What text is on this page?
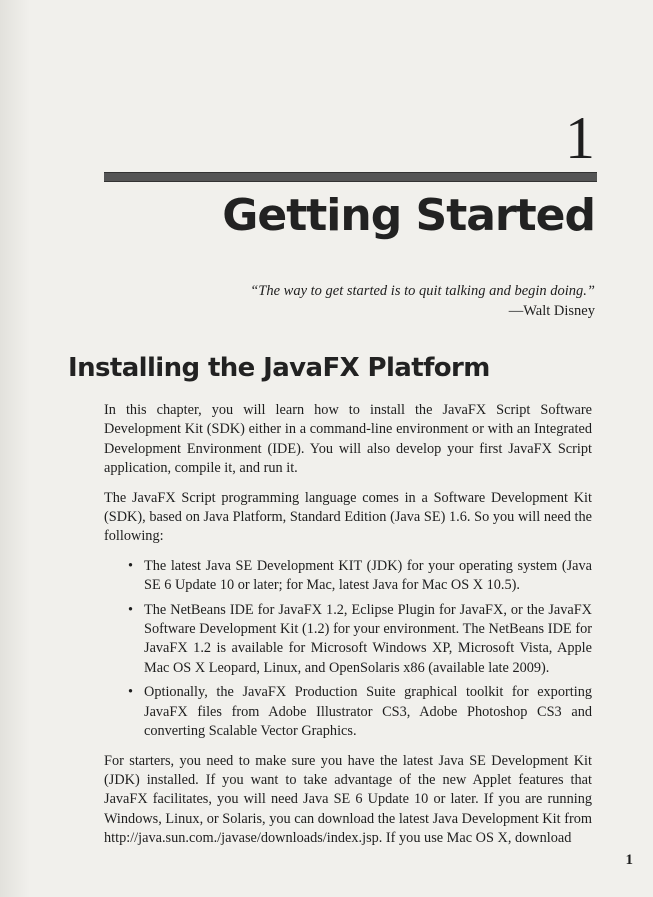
1
Getting Started
“The way to get started is to quit talking and begin doing.”
—Walt Disney
Installing the JavaFX Platform

In this chapter, you will learn how to install the JavaFX Script Software Development Kit (SDK) either in a command-line environment or with an Integrated Development Environment (IDE). You will also develop your first JavaFX Script application, compile it, and run it.

The JavaFX Script programming language comes in a Software Development Kit (SDK), based on Java Platform, Standard Edition (Java SE) 1.6. So you will need the following:

• The latest Java SE Development KIT (JDK) for your operating system (Java SE 6 Update 10 or later; for Mac, latest Java for Mac OS X 10.5).
• The NetBeans IDE for JavaFX 1.2, Eclipse Plugin for JavaFX, or the JavaFX Software Development Kit (1.2) for your environment. The NetBeans IDE for JavaFX 1.2 is available for Microsoft Windows XP, Microsoft Vista, Apple Mac OS X Leopard, Linux, and OpenSolaris x86 (available late 2009).
• Optionally, the JavaFX Production Suite graphical toolkit for exporting JavaFX files from Adobe Illustrator CS3, Adobe Photoshop CS3 and converting Scalable Vector Graphics.

For starters, you need to make sure you have the latest Java SE Development Kit (JDK) installed. If you want to take advantage of the new Applet features that JavaFX facilitates, you will need Java SE 6 Update 10 or later. If you are running Windows, Linux, or Solaris, you can download the latest Java Development Kit from http://java.sun.com./javase/downloads/index.jsp. If you use Mac OS X, download

1
